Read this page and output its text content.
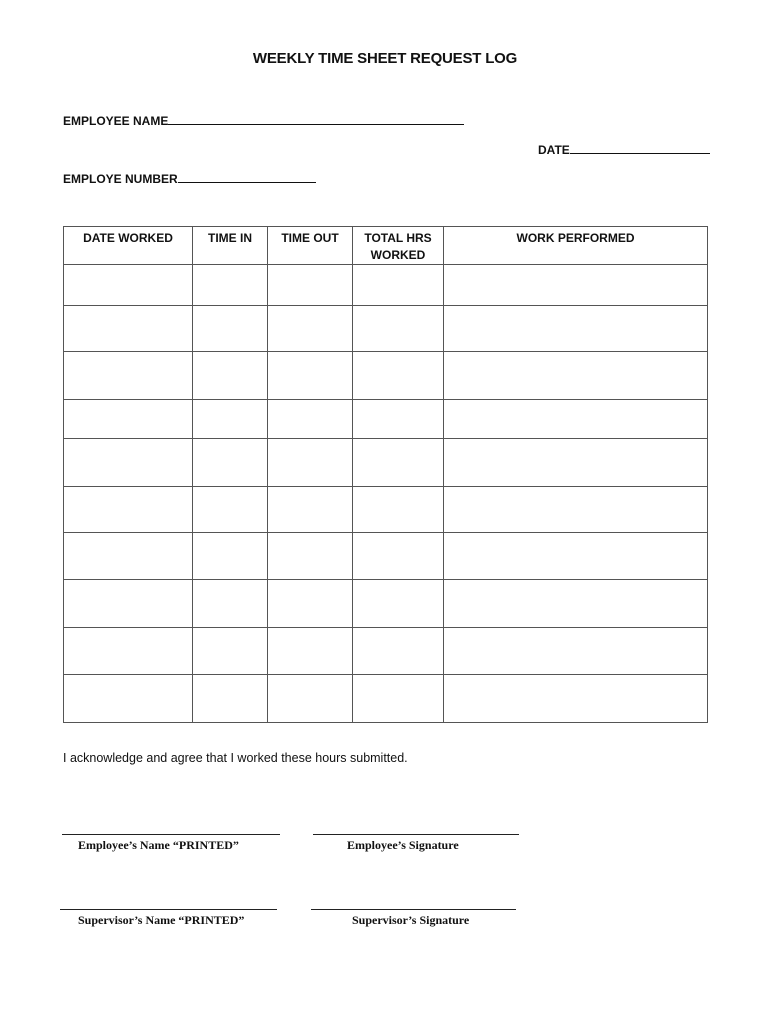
WEEKLY TIME SHEET REQUEST LOG
EMPLOYEE NAME
DATE
EMPLOYE NUMBER
DATE WORKED	TIME IN	TIME OUT	TOTAL HRS WORKED	WORK PERFORMED

I acknowledge and agree that I worked these hours submitted.
Employee’s Name “PRINTED”	Employee’s Signature
Supervisor’s Name “PRINTED”	Supervisor’s Signature
